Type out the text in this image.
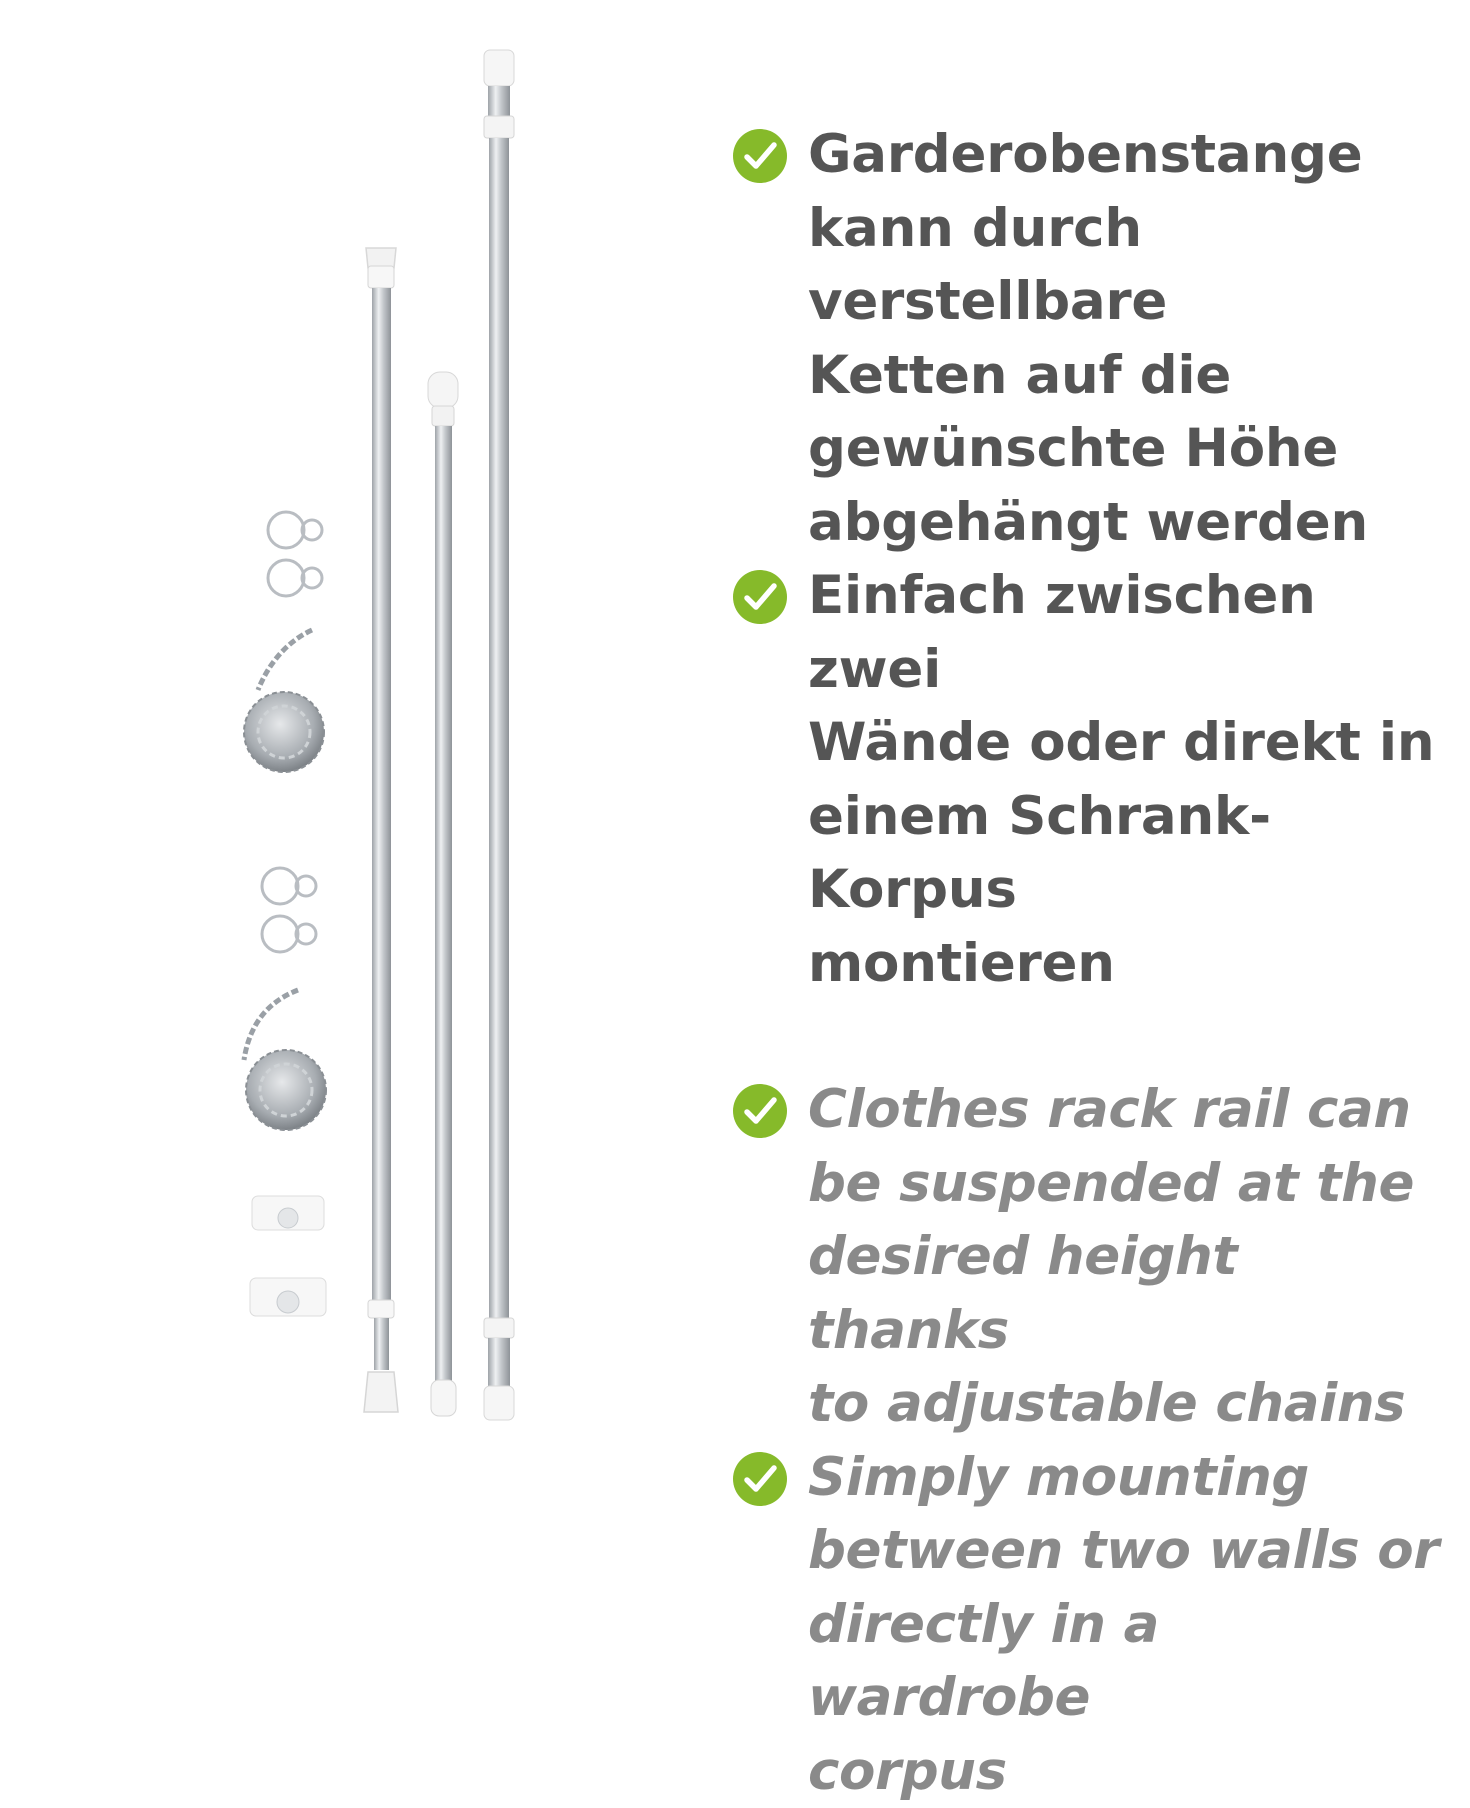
Garderobenstange
kann durch verstellbare
Ketten auf die
gewünschte Höhe
abgehängt werden

Einfach zwischen zwei
Wände oder direkt in
einem Schrank-Korpus
montieren

Clothes rack rail can
be suspended at the
desired height thanks
to adjustable chains

Simply mounting
between two walls or
directly in a wardrobe
corpus
